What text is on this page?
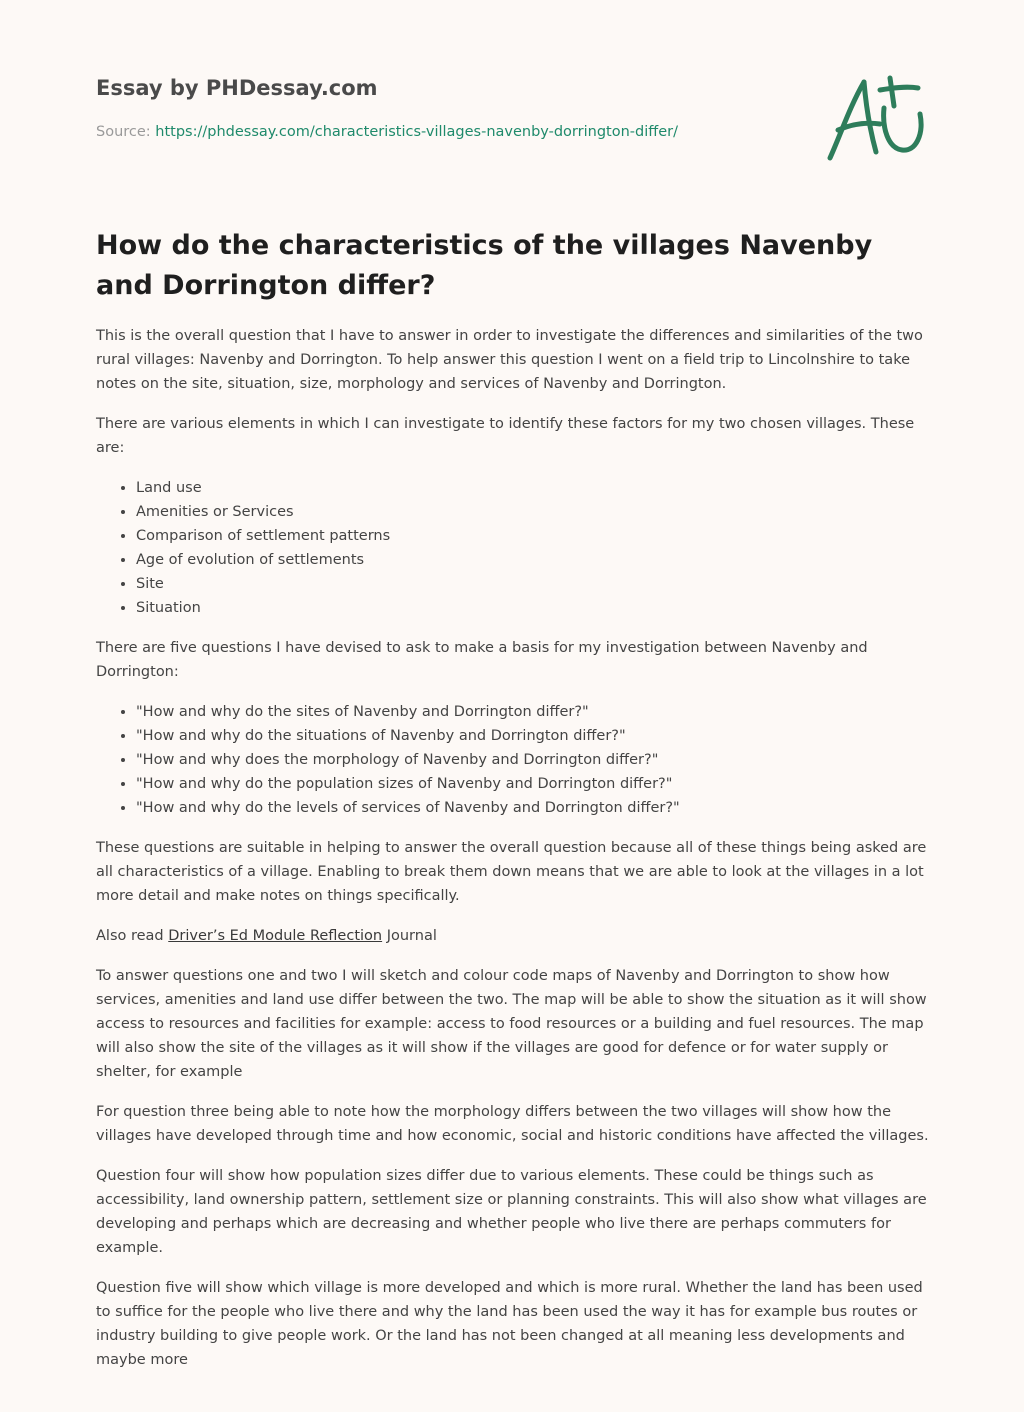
Essay by PHDessay.com
Source: https://phdessay.com/characteristics-villages-navenby-dorrington-differ/
How do the characteristics of the villages Navenby and Dorrington differ?

This is the overall question that I have to answer in order to investigate the differences and similarities of the two rural villages: Navenby and Dorrington. To help answer this question I went on a field trip to Lincolnshire to take notes on the site, situation, size, morphology and services of Navenby and Dorrington.

There are various elements in which I can investigate to identify these factors for my two chosen villages. These are:

• Land use
• Amenities or Services
• Comparison of settlement patterns
• Age of evolution of settlements
• Site
• Situation

There are five questions I have devised to ask to make a basis for my investigation between Navenby and Dorrington:

• "How and why do the sites of Navenby and Dorrington differ?"
• "How and why do the situations of Navenby and Dorrington differ?"
• "How and why does the morphology of Navenby and Dorrington differ?"
• "How and why do the population sizes of Navenby and Dorrington differ?"
• "How and why do the levels of services of Navenby and Dorrington differ?"

These questions are suitable in helping to answer the overall question because all of these things being asked are all characteristics of a village. Enabling to break them down means that we are able to look at the villages in a lot more detail and make notes on things specifically.

Also read Driver’s Ed Module Reflection Journal

To answer questions one and two I will sketch and colour code maps of Navenby and Dorrington to show how services, amenities and land use differ between the two. The map will be able to show the situation as it will show access to resources and facilities for example: access to food resources or a building and fuel resources. The map will also show the site of the villages as it will show if the villages are good for defence or for water supply or shelter, for example

For question three being able to note how the morphology differs between the two villages will show how the villages have developed through time and how economic, social and historic conditions have affected the villages.

Question four will show how population sizes differ due to various elements. These could be things such as accessibility, land ownership pattern, settlement size or planning constraints. This will also show what villages are developing and perhaps which are decreasing and whether people who live there are perhaps commuters for example.

Question five will show which village is more developed and which is more rural. Whether the land has been used to suffice for the people who live there and why the land has been used the way it has for example bus routes or industry building to give people work. Or the land has not been changed at all meaning less developments and maybe more
